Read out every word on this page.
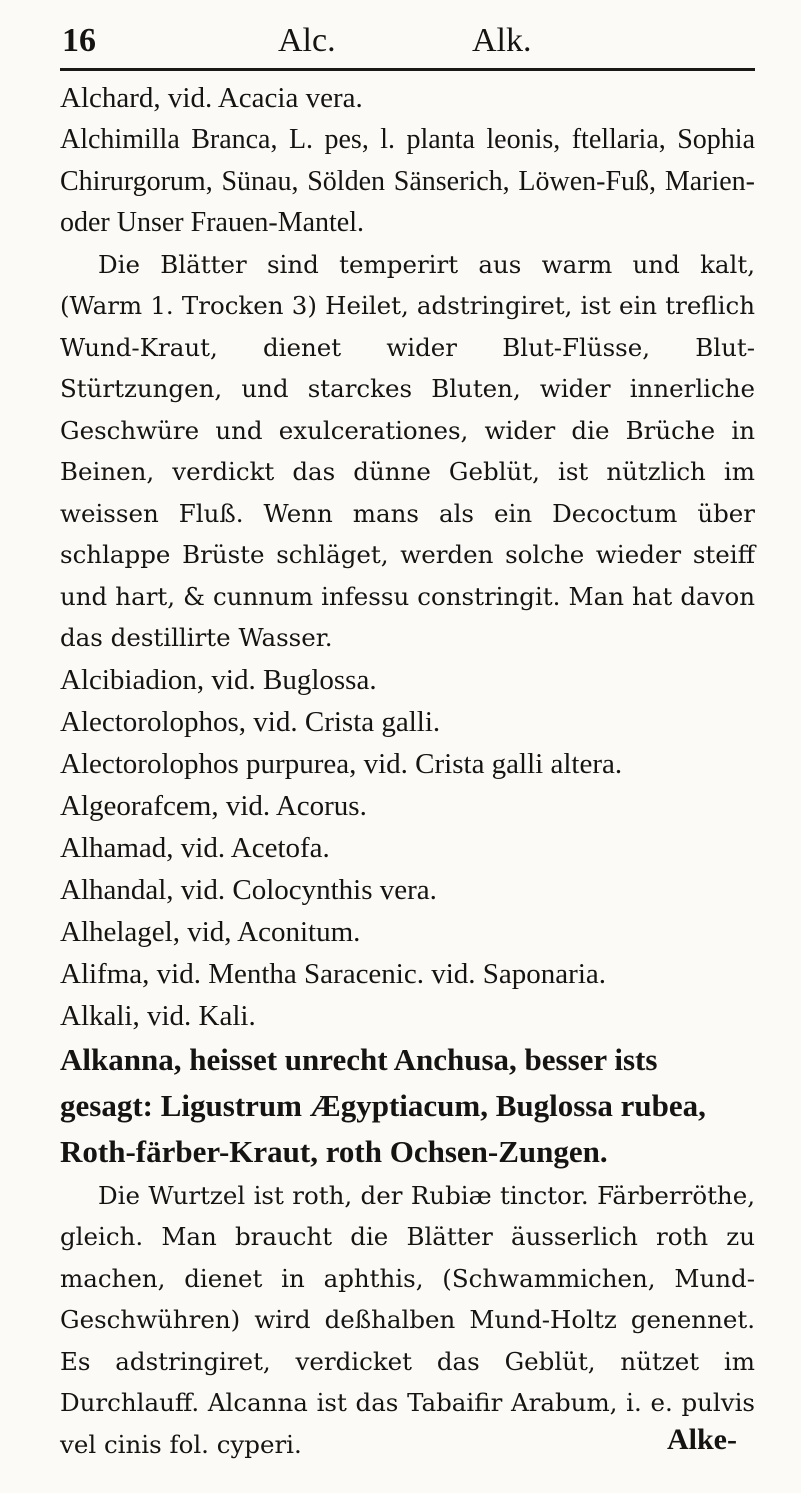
16	Alc.	Alk.

Alchard, vid. Acacia vera.

Alchimilla Branca, L. pes, l. planta leonis, ftellaria, Sophia Chirurgorum, Sünau, Sölden Sänserich, Löwen-Fuß, Marien-oder Unser Frauen-Mantel.

Die Blätter sind temperirt aus warm und kalt, (Warm 1. Trocken 3) Heilet, adstringiret, ist ein treflich Wund-Kraut, dienet wider Blut-Flüsse, Blut-Stürtzungen, und starckes Bluten, wider innerliche Geschwüre und exulcerationes, wider die Brüche in Beinen, verdickt das dünne Geblüt, ist nützlich im weissen Fluß. Wenn mans als ein Decoctum über schlappe Brüste schläget, werden solche wieder steiff und hart, & cunnum infessu constringit. Man hat davon das destillirte Wasser.

Alcibiadion, vid. Buglossa.

Alectorolophos, vid. Crista galli.

Alectorolophos purpurea, vid. Crista galli altera.

Algeorafcem, vid. Acorus.

Alhamad, vid. Acetofa.

Alhandal, vid. Colocynthis vera.

Alhelagel, vid, Aconitum.

Alifma, vid. Mentha Saracenic. vid. Saponaria.

Alkali, vid. Kali.

Alkanna, heisset unrecht Anchusa, besser ists gesagt: Ligustrum Ægyptiacum, Buglossa rubea, Roth-färber-Kraut, roth Ochsen-Zungen.

Die Wurtzel ist roth, der Rubiæ tinctor. Färberröthe, gleich. Man braucht die Blätter äusserlich roth zu machen, dienet in aphthis, (Schwammichen, Mund-Geschwühren) wird deßhalben Mund-Holtz genennet. Es adstringiret, verdicket das Geblüt, nützet im Durchlauff. Alcanna ist das Tabaifir Arabum, i. e. pulvis vel cinis fol. cyperi.	Alke-
